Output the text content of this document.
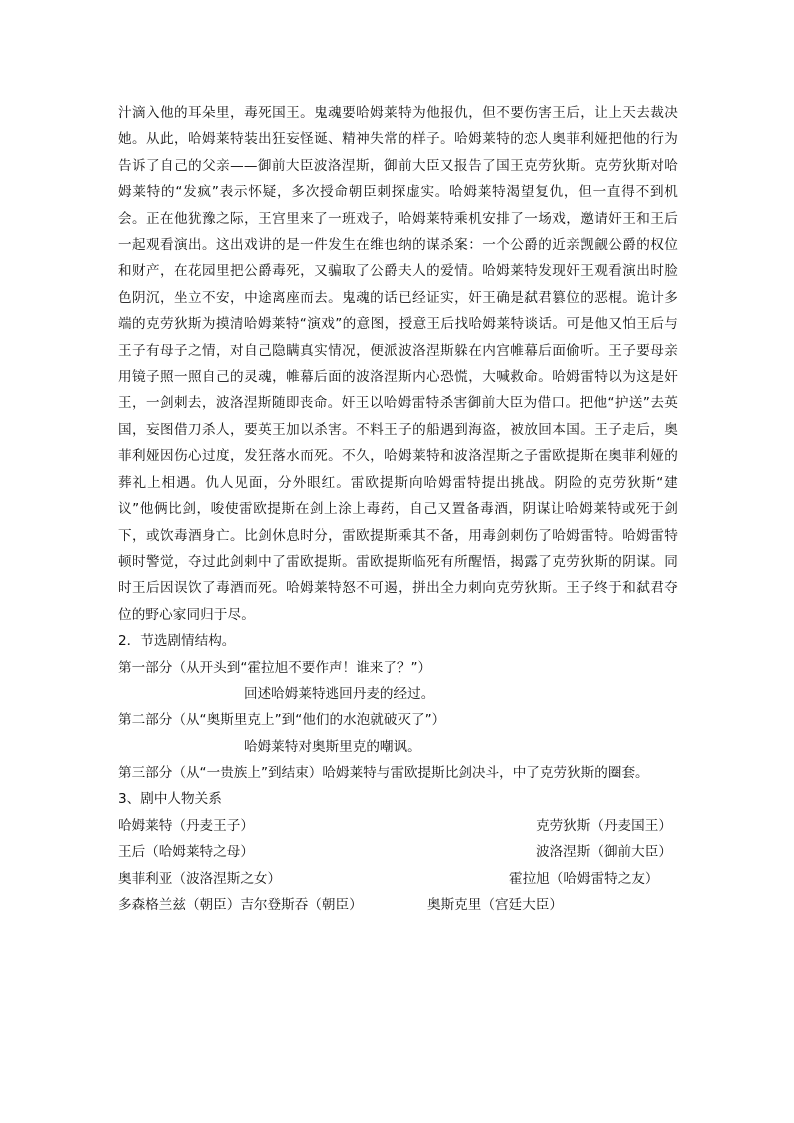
汁滴入他的耳朵里，毒死国王。鬼魂要哈姆莱特为他报仇，但不要伤害王后，让上天去裁决她。从此，哈姆莱特装出狂妄怪诞、精神失常的样子。哈姆莱特的恋人奥菲利娅把他的行为告诉了自己的父亲——御前大臣波洛涅斯，御前大臣又报告了国王克劳狄斯。克劳狄斯对哈姆莱特的“发疯”表示怀疑，多次授命朝臣刺探虚实。哈姆莱特渴望复仇，但一直得不到机会。正在他犹豫之际，王宫里来了一班戏子，哈姆莱特乘机安排了一场戏，邀请奸王和王后一起观看演出。这出戏讲的是一件发生在维也纳的谋杀案：一个公爵的近亲觊觎公爵的权位和财产，在花园里把公爵毒死，又骗取了公爵夫人的爱情。哈姆莱特发现奸王观看演出时脸色阴沉，坐立不安，中途离座而去。鬼魂的话已经证实，奸王确是弑君篡位的恶棍。诡计多端的克劳狄斯为摸清哈姆莱特“演戏”的意图，授意王后找哈姆莱特谈话。可是他又怕王后与王子有母子之情，对自己隐瞒真实情况，便派波洛涅斯躲在内宫帷幕后面偷听。王子要母亲用镜子照一照自己的灵魂，帷幕后面的波洛涅斯内心恐慌，大喊救命。哈姆雷特以为这是奸王，一剑刺去，波洛涅斯随即丧命。奸王以哈姆雷特杀害御前大臣为借口。把他“护送”去英国，妄图借刀杀人，要英王加以杀害。不料王子的船遇到海盗，被放回本国。王子走后，奥菲利娅因伤心过度，发狂落水而死。不久，哈姆莱特和波洛涅斯之子雷欧提斯在奥菲利娅的葬礼上相遇。仇人见面，分外眼红。雷欧提斯向哈姆雷特提出挑战。阴险的克劳狄斯“建议”他俩比剑，唆使雷欧提斯在剑上涂上毒药，自己又置备毒酒，阴谋让哈姆莱特或死于剑下，或饮毒酒身亡。比剑休息时分，雷欧提斯乘其不备，用毒剑刺伤了哈姆雷特。哈姆雷特顿时警觉，夺过此剑刺中了雷欧提斯。雷欧提斯临死有所醒悟，揭露了克劳狄斯的阴谋。同时王后因误饮了毒酒而死。哈姆莱特怒不可遏，拼出全力刺向克劳狄斯。王子终于和弑君夺位的野心家同归于尽。

2．节选剧情结构。
第一部分（从开头到“霍拉旭不要作声！谁来了？”）
回述哈姆莱特逃回丹麦的经过。
第二部分（从“奥斯里克上”到“他们的水泡就破灭了”）
哈姆莱特对奥斯里克的嘲讽。
第三部分（从“一贵族上”到结束）哈姆莱特与雷欧提斯比剑决斗，中了克劳狄斯的圈套。
3、剧中人物关系
哈姆莱特（丹麦王子）	克劳狄斯（丹麦国王）
王后（哈姆莱特之母）	波洛涅斯（御前大臣）
奥菲利亚（波洛涅斯之女）	霍拉旭（哈姆雷特之友）
多森格兰兹（朝臣）吉尔登斯吞（朝臣）	奥斯克里（宫廷大臣）
